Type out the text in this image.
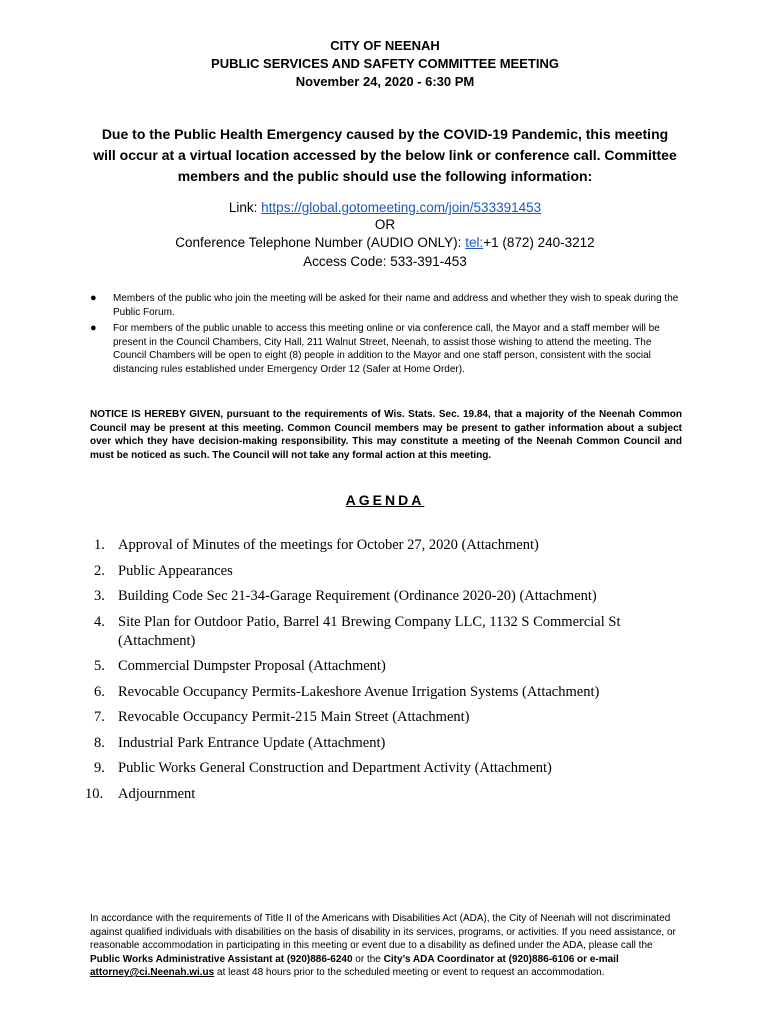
CITY OF NEENAH
PUBLIC SERVICES AND SAFETY COMMITTEE MEETING
November 24, 2020 - 6:30 PM
Due to the Public Health Emergency caused by the COVID-19 Pandemic, this meeting will occur at a virtual location accessed by the below link or conference call. Committee members and the public should use the following information:
Link: https://global.gotomeeting.com/join/533391453
OR
Conference Telephone Number (AUDIO ONLY): tel:+1 (872) 240-3212
Access Code: 533-391-453
● Members of the public who join the meeting will be asked for their name and address and whether they wish to speak during the Public Forum.
● For members of the public unable to access this meeting online or via conference call, the Mayor and a staff member will be present in the Council Chambers, City Hall, 211 Walnut Street, Neenah, to assist those wishing to attend the meeting. The Council Chambers will be open to eight (8) people in addition to the Mayor and one staff person, consistent with the social distancing rules established under Emergency Order 12 (Safer at Home Order).
NOTICE IS HEREBY GIVEN, pursuant to the requirements of Wis. Stats. Sec. 19.84, that a majority of the Neenah Common Council may be present at this meeting. Common Council members may be present to gather information about a subject over which they have decision-making responsibility. This may constitute a meeting of the Neenah Common Council and must be noticed as such. The Council will not take any formal action at this meeting.
AGENDA
1. Approval of Minutes of the meetings for October 27, 2020 (Attachment)
2. Public Appearances
3. Building Code Sec 21-34-Garage Requirement (Ordinance 2020-20) (Attachment)
4. Site Plan for Outdoor Patio, Barrel 41 Brewing Company LLC, 1132 S Commercial St (Attachment)
5. Commercial Dumpster Proposal (Attachment)
6. Revocable Occupancy Permits-Lakeshore Avenue Irrigation Systems (Attachment)
7. Revocable Occupancy Permit-215 Main Street (Attachment)
8. Industrial Park Entrance Update (Attachment)
9. Public Works General Construction and Department Activity (Attachment)
10. Adjournment
In accordance with the requirements of Title II of the Americans with Disabilities Act (ADA), the City of Neenah will not discriminated against qualified individuals with disabilities on the basis of disability in its services, programs, or activities. If you need assistance, or reasonable accommodation in participating in this meeting or event due to a disability as defined under the ADA, please call the Public Works Administrative Assistant at (920)886-6240 or the City’s ADA Coordinator at (920)886-6106 or e-mail attorney@ci.Neenah.wi.us at least 48 hours prior to the scheduled meeting or event to request an accommodation.
